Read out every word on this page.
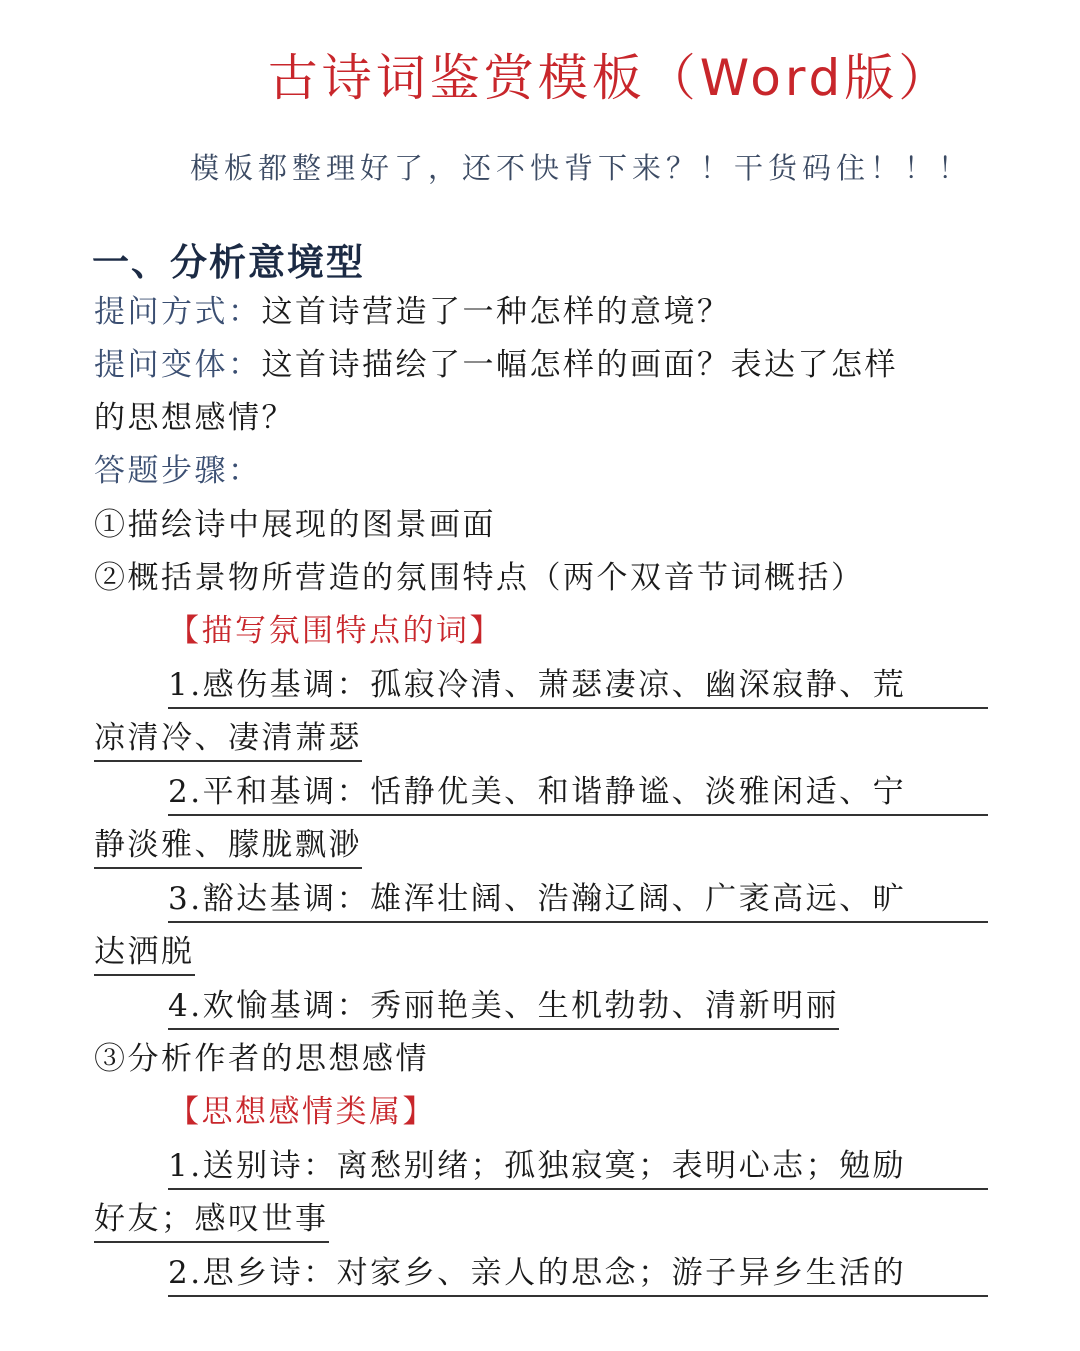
古诗词鉴赏模板（Word版）
模板都整理好了，还不快背下来？！干货码住！！！
一、分析意境型
提问方式：这首诗营造了一种怎样的意境？
提问变体：这首诗描绘了一幅怎样的画面？表达了怎样
的思想感情？
答题步骤：
①描绘诗中展现的图景画面
②概括景物所营造的氛围特点（两个双音节词概括）
【描写氛围特点的词】
1.感伤基调：孤寂冷清、萧瑟凄凉、幽深寂静、荒
凉清冷、凄清萧瑟
2.平和基调：恬静优美、和谐静谧、淡雅闲适、宁
静淡雅、朦胧飘渺
3.豁达基调：雄浑壮阔、浩瀚辽阔、广袤高远、旷
达洒脱
4.欢愉基调：秀丽艳美、生机勃勃、清新明丽
③分析作者的思想感情
【思想感情类属】
1.送别诗：离愁别绪；孤独寂寞；表明心志；勉励
好友；感叹世事
2.思乡诗：对家乡、亲人的思念；游子异乡生活的
